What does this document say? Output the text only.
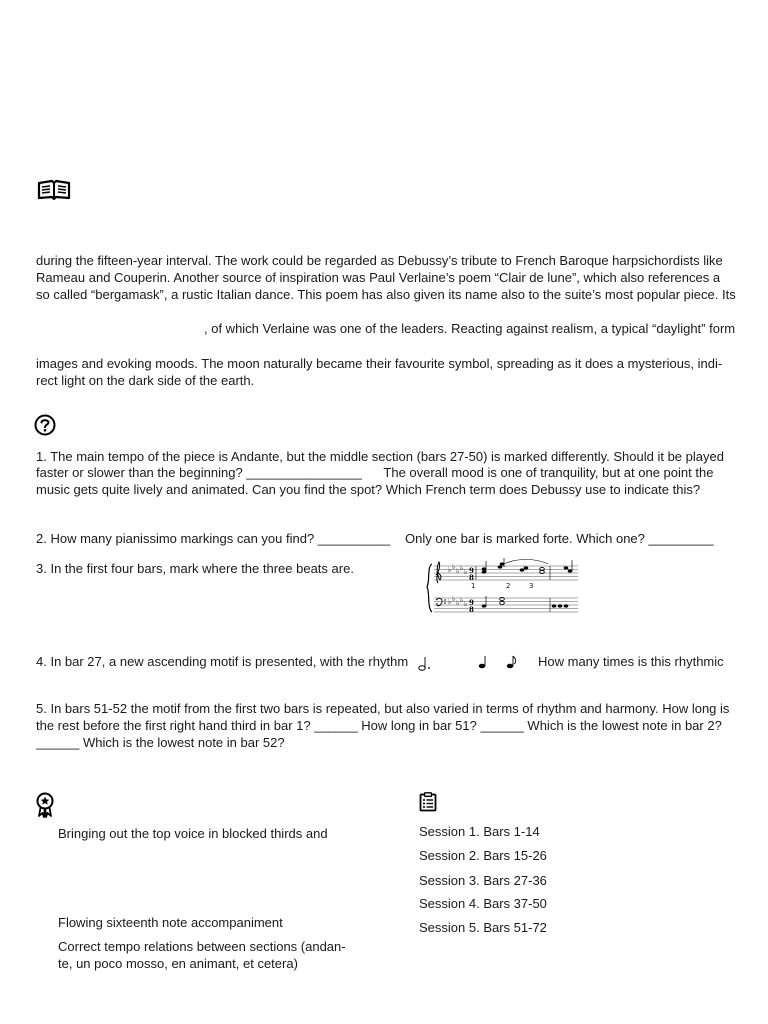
during the fifteen-year interval. The work could be regarded as Debussy’s tribute to French Baroque harpsichordists like
Rameau and Couperin. Another source of inspiration was Paul Verlaine’s poem “Clair de lune”, which also references a
so called “bergamask”, a rustic Italian dance. This poem has also given its name also to the suite’s most popular piece. Its
, of which Verlaine was one of the leaders. Reacting against realism, a typical “daylight” form
images and evoking moods. The moon naturally became their favourite symbol, spreading as it does a mysterious, indi-
rect light on the dark side of the earth.
1. The main tempo of the piece is Andante, but the middle section (bars 27-50) is marked differently. Should it be played
faster or slower than the beginning? ________________      The overall mood is one of tranquility, but at one point the
music gets quite lively and animated. Can you find the spot? Which French term does Debussy use to indicate this?
2. How many pianissimo markings can you find? __________ Only one bar is marked forte. Which one? _________
3. In the first four bars, mark where the three beats are.	♭ ♭ ♭ ♭ ♭
♭ ♭ ♭ ♭ ♭
9
8
9
8
1	2	3
4. In bar 27, a new ascending motif is presented, with the rhythm	How many times is this rhythmic
5. In bars 51-52 the motif from the first two bars is repeated, but also varied in terms of rhythm and harmony. How long is
the rest before the first right hand third in bar 1? ______ How long in bar 51? ______ Which is the lowest note in bar 2?
______ Which is the lowest note in bar 52?
Bringing out the top voice in blocked thirds and
Flowing sixteenth note accompaniment
Correct tempo relations between sections (andan-
te, un poco mosso, en animant, et cetera)
Session 1. Bars 1-14
Session 2. Bars 15-26
Session 3. Bars 27-36
Session 4. Bars 37-50
Session 5. Bars 51-72
